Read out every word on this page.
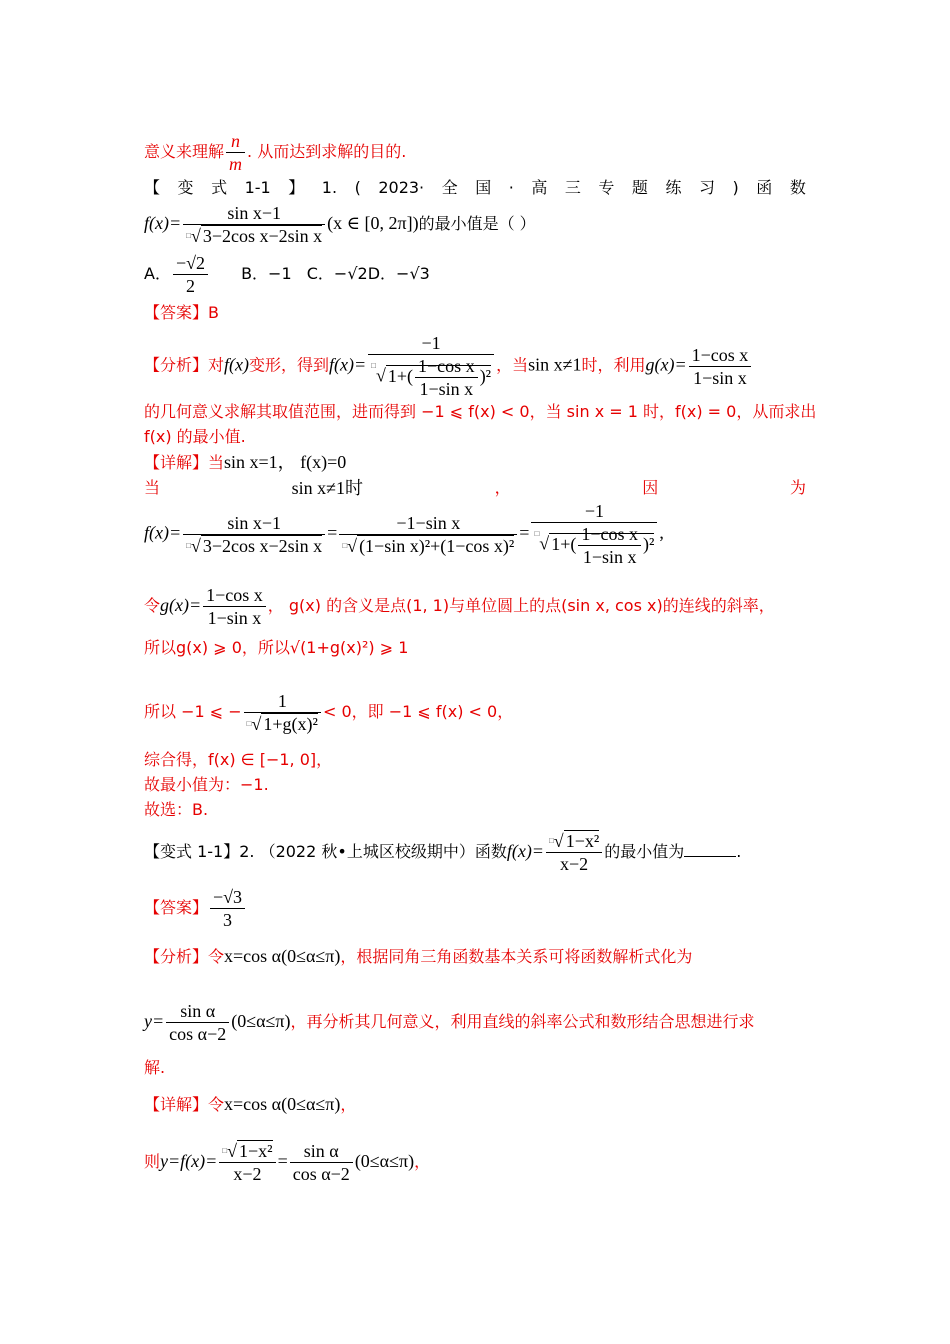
意义来理解 $\frac{n}{m}$ . 从而达到求解的目的.
【 变 式 1-1 】 1. ( 2023· 全 国 · 高 三 专 题 练 习 ) 函 数
$f(x)= \frac{\text{sin x−1}}{^□√ 3-2\cos x-2\sin x} (x$ ∈ [0, 2π])的最小值是（ ）
A． $\frac{-√2}{2}$ B．−1 C．−√2D．−√3
【答案】B
【分析】对f(x)变形，得到$f(x)= \frac{-1}{^□√ 1+( \frac{\text{1−cos x}}{\text{1−sin x}} )^2}$ ，当sin x≠1时，利用$g(x)= \frac{\text{1−cos x}}{\text{1−sin x}}$
的几何意义求解其取值范围，进而得到 −1 ⩽ f(x) < 0，当 sin x = 1 时，f(x) = 0，从而求出
f(x) 的最小值.
【详解】当sin x=1， f(x)=0
当	sin x≠1时	，	因	为
$f(x)= \frac{\text{sin x−1}}{^□√ 3-2\cos x-2\sin x} = \frac{\text{−1−sin x}}{^□√ (1-\sin x)^2+(1-\cos x)^2} = \frac{-1}{^□√ 1+( \frac{\text{1−cos x}}{\text{1−sin x}} )^2}$ ,
令$g(x)= \frac{\text{1−cos x}}{\text{1−sin x}}$ ， g(x) 的含义是点(1, 1)与单位圆上的点(sin x, cos x)的连线的斜率，
所以g(x) ⩾ 0，所以√(1+g(x)²) ⩾ 1
所以 −1 ⩽ − $\frac{1}{^□√ 1+g(x)^2} < 0$，即 −1 ⩽ f(x) < 0，
综合得，f(x) ∈ [−1, 0]，
故最小值为：−1.
故选：B.
【变式 1-1】2. （2022 秋•上城区校级期中）函数$f(x)= \frac{^□√ 1-x^2}{x-2}$ 的最小值为	.
【答案】 $\frac{-√3}{3}$
【分析】令x=cos α(0≤α≤π)，根据同角三角函数基本关系可将函数解析式化为
$y= \frac{\text{sin α}}{\text{cos α−2}} (0\le\alpha\le\pi)$，再分析其几何意义，利用直线的斜率公式和数形结合思想进行求
解.
【详解】令x=cos α(0≤α≤π)，
则$y=f(x)= \frac{^□√ 1-x^2}{x-2} = \frac{\text{sin α}}{\text{cos α−2}} (0\le\alpha\le\pi)$，
